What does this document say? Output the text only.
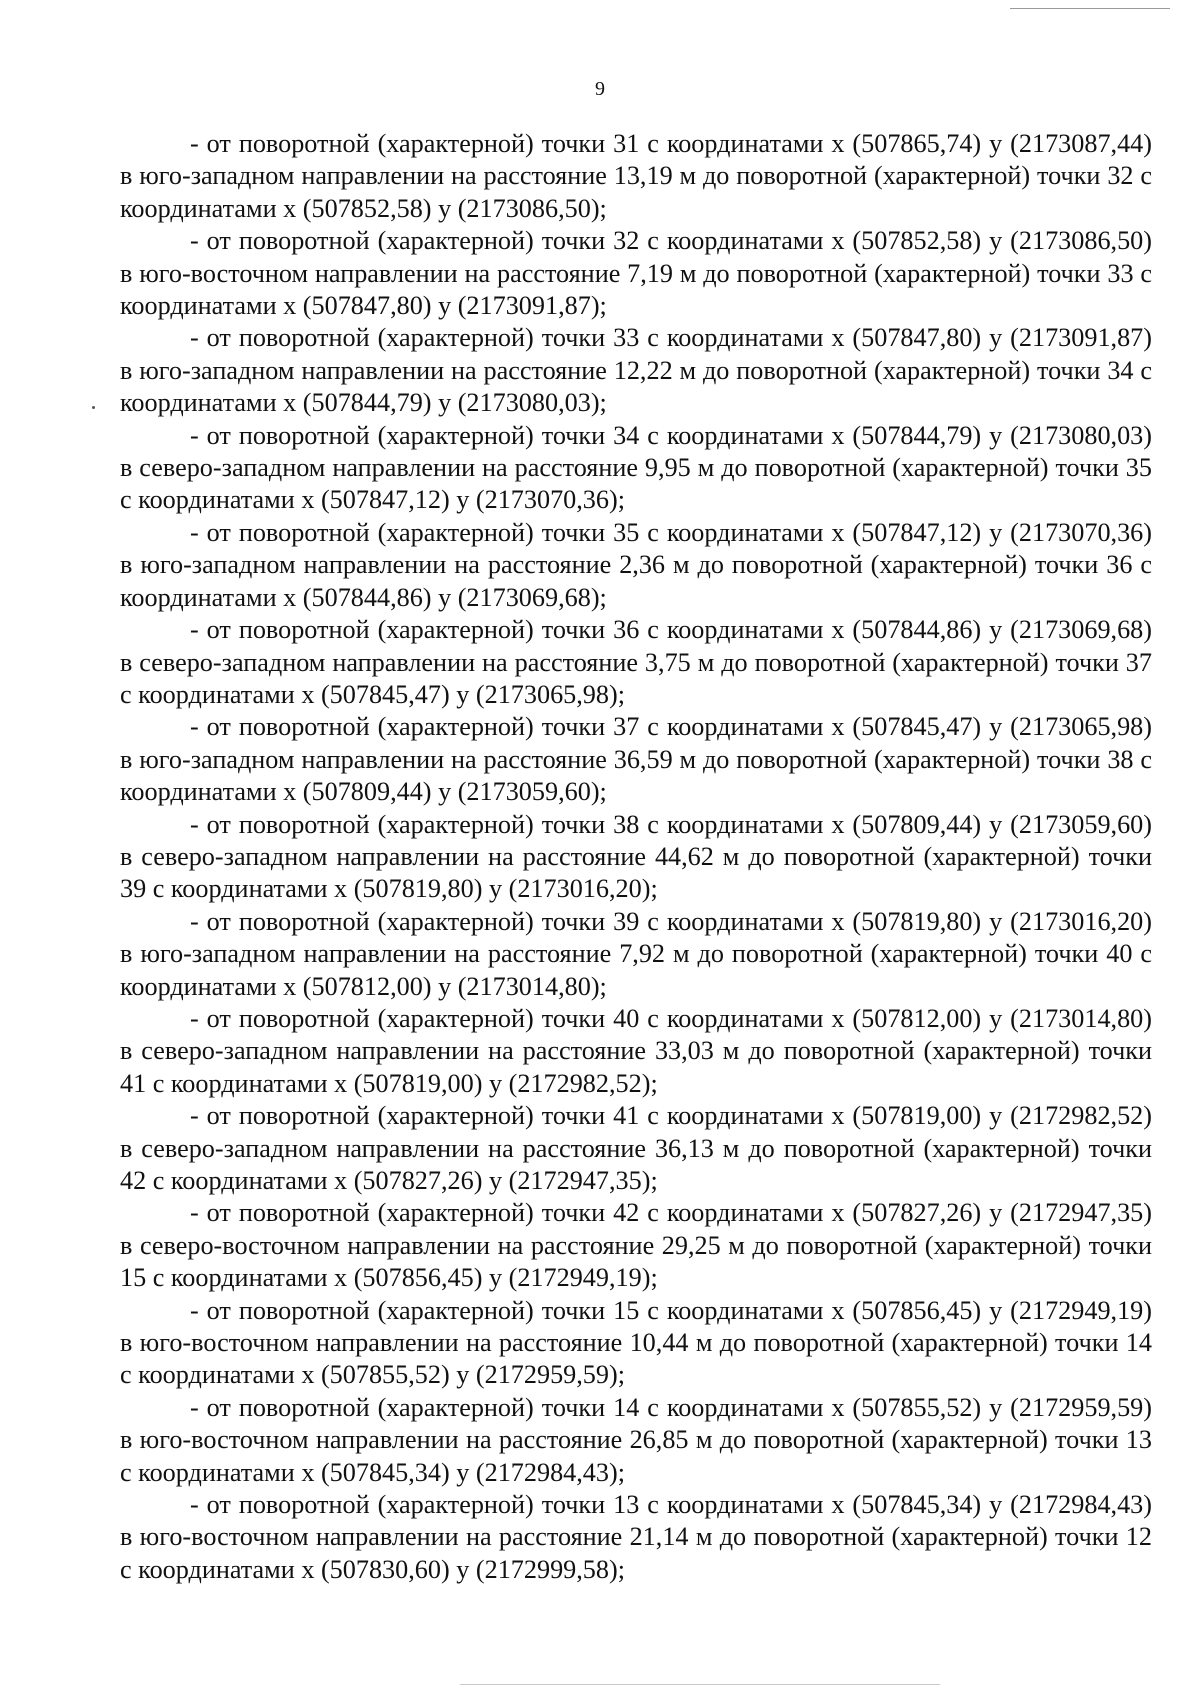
9

- от поворотной (характерной) точки 31 с координатами x (507865,74) y (2173087,44) в юго-западном направлении на расстояние 13,19 м до поворотной (характерной) точки 32 с координатами x (507852,58) y (2173086,50);

- от поворотной (характерной) точки 32 с координатами x (507852,58) y (2173086,50) в юго-восточном направлении на расстояние 7,19 м до поворотной (характерной) точки 33 с координатами x (507847,80) y (2173091,87);

- от поворотной (характерной) точки 33 с координатами x (507847,80) y (2173091,87) в юго-западном направлении на расстояние 12,22 м до поворотной (характерной) точки 34 с координатами x (507844,79) y (2173080,03);

- от поворотной (характерной) точки 34 с координатами x (507844,79) y (2173080,03) в северо-западном направлении на расстояние 9,95 м до поворотной (характерной) точки 35 с координатами x (507847,12) y (2173070,36);

- от поворотной (характерной) точки 35 с координатами x (507847,12) y (2173070,36) в юго-западном направлении на расстояние 2,36 м до поворотной (характерной) точки 36 с координатами x (507844,86) y (2173069,68);

- от поворотной (характерной) точки 36 с координатами x (507844,86) y (2173069,68) в северо-западном направлении на расстояние 3,75 м до поворотной (характерной) точки 37 с координатами x (507845,47) y (2173065,98);

- от поворотной (характерной) точки 37 с координатами x (507845,47) y (2173065,98) в юго-западном направлении на расстояние 36,59 м до поворотной (характерной) точки 38 с координатами x (507809,44) y (2173059,60);

- от поворотной (характерной) точки 38 с координатами x (507809,44) y (2173059,60) в северо-западном направлении на расстояние 44,62 м до поворотной (характерной) точки 39 с координатами x (507819,80) y (2173016,20);

- от поворотной (характерной) точки 39 с координатами x (507819,80) y (2173016,20) в юго-западном направлении на расстояние 7,92 м до поворотной (характерной) точки 40 с координатами x (507812,00) y (2173014,80);

- от поворотной (характерной) точки 40 с координатами x (507812,00) y (2173014,80) в северо-западном направлении на расстояние 33,03 м до поворотной (характерной) точки 41 с координатами x (507819,00) y (2172982,52);

- от поворотной (характерной) точки 41 с координатами x (507819,00) y (2172982,52) в северо-западном направлении на расстояние 36,13 м до поворотной (характерной) точки 42 с координатами x (507827,26) y (2172947,35);

- от поворотной (характерной) точки 42 с координатами x (507827,26) y (2172947,35) в северо-восточном направлении на расстояние 29,25 м до поворотной (характерной) точки 15 с координатами x (507856,45) y (2172949,19);

- от поворотной (характерной) точки 15 с координатами x (507856,45) y (2172949,19) в юго-восточном направлении на расстояние 10,44 м до поворотной (характерной) точки 14 с координатами x (507855,52) y (2172959,59);

- от поворотной (характерной) точки 14 с координатами x (507855,52) y (2172959,59) в юго-восточном направлении на расстояние 26,85 м до поворотной (характерной) точки 13 с координатами x (507845,34) y (2172984,43);

- от поворотной (характерной) точки 13 с координатами x (507845,34) y (2172984,43) в юго-восточном направлении на расстояние 21,14 м до поворотной (характерной) точки 12 с координатами x (507830,60) y (2172999,58);
